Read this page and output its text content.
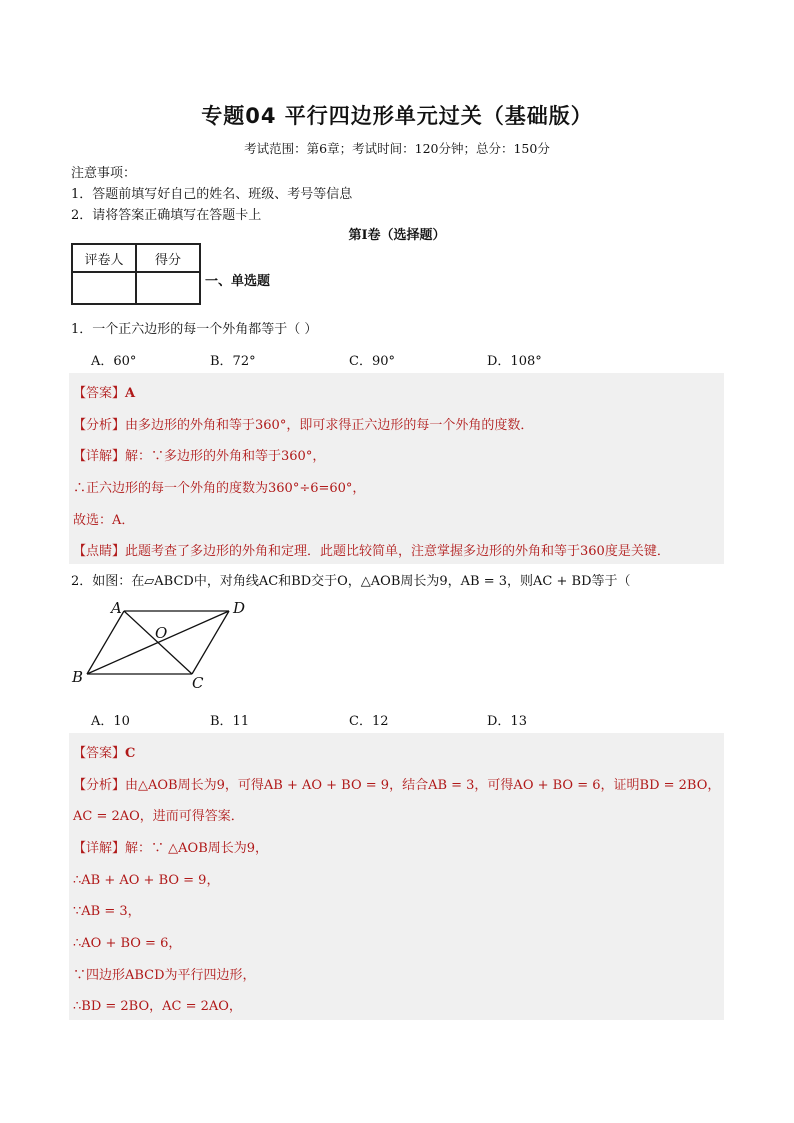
专题04 平行四边形单元过关（基础版）
考试范围：第6章；考试时间：120分钟；总分：150分
注意事项：
1．答题前填写好自己的姓名、班级、考号等信息
2．请将答案正确填写在答题卡上
第I卷（选择题）
评卷人	得分

一、单选题
1．一个正六边形的每一个外角都等于（ ）
A．60°	B．72°	C．90°	D．108°
【答案】A
【分析】由多边形的外角和等于360°，即可求得正六边形的每一个外角的度数．
【详解】解：∵多边形的外角和等于360°，
∴正六边形的每一个外角的度数为360°÷6=60°，
故选：A．
【点睛】此题考查了多边形的外角和定理．此题比较简单，注意掌握多边形的外角和等于360度是关键．
2．如图：在▱ABCD中，对角线AC和BD交于O，△AOB周长为9，AB = 3，则AC + BD等于（
A	D
O
B	C
A．10	B．11	C．12	D．13
【答案】C
【分析】由△AOB周长为9，可得AB + AO + BO = 9，结合AB = 3，可得AO + BO = 6，证明BD = 2BO，
AC = 2AO，进而可得答案．
【详解】解：∵ △AOB周长为9，
∴AB + AO + BO = 9，
∵AB = 3，
∴AO + BO = 6，
∵四边形ABCD为平行四边形，
∴BD = 2BO，AC = 2AO，
